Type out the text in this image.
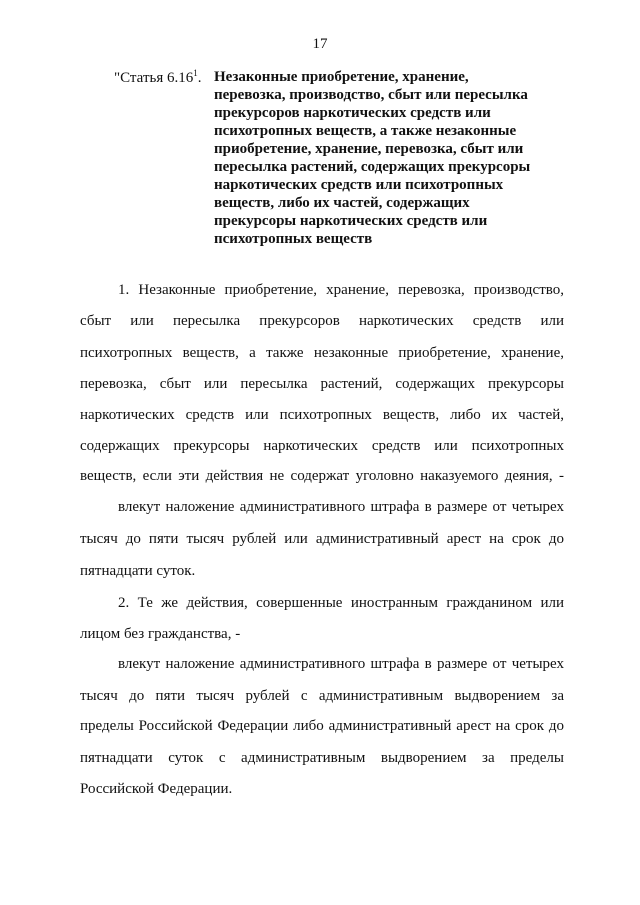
17
"Статья 6.16$^1$. Незаконные приобретение, хранение,
перевозка, производство, сбыт или пересылка
прекурсоров наркотических средств или
психотропных веществ, а также незаконные
приобретение, хранение, перевозка, сбыт или
пересылка растений, содержащих прекурсоры
наркотических средств или психотропных
веществ, либо их частей, содержащих
прекурсоры наркотических средств или
психотропных веществ
1. Незаконные приобретение, хранение, перевозка, производство,
сбыт или пересылка прекурсоров наркотических средств или
психотропных веществ, а также незаконные приобретение, хранение,
перевозка, сбыт или пересылка растений, содержащих прекурсоры
наркотических средств или психотропных веществ, либо их частей,
содержащих прекурсоры наркотических средств или психотропных
веществ, если эти действия не содержат уголовно наказуемого деяния, -
влекут наложение административного штрафа в размере от четырех
тысяч до пяти тысяч рублей или административный арест на срок до
пятнадцати суток.
2. Те же действия, совершенные иностранным гражданином или
лицом без гражданства, -
влекут наложение административного штрафа в размере от четырех
тысяч до пяти тысяч рублей с административным выдворением за
пределы Российской Федерации либо административный арест на срок до
пятнадцати суток с административным выдворением за пределы
Российской Федерации.
